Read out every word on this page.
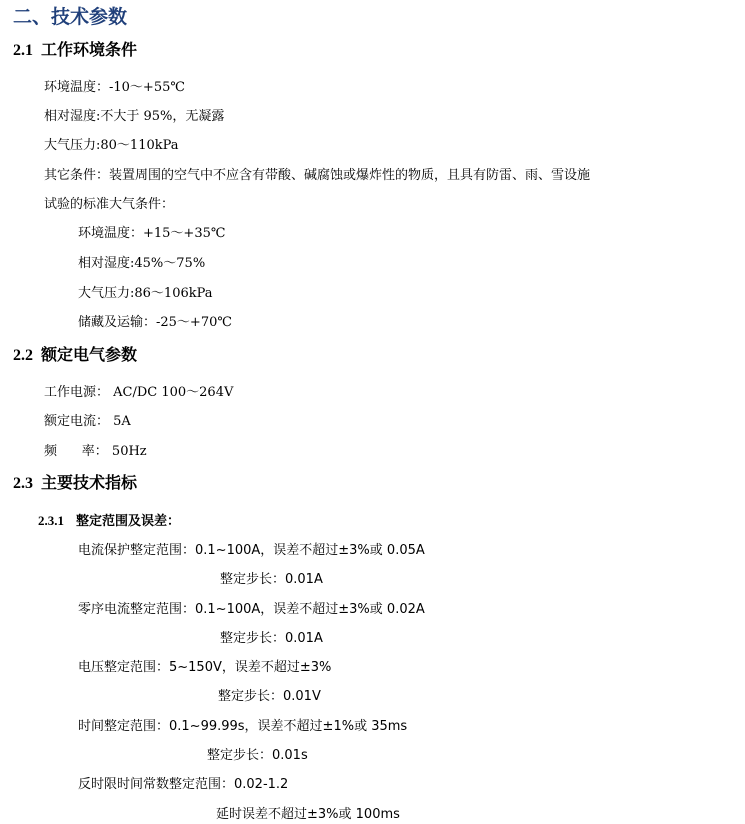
二、技术参数
2.1 工作环境条件
环境温度：-10～+55℃
相对湿度:不大于 95%，无凝露
大气压力:80～110kPa
其它条件：装置周围的空气中不应含有带酸、碱腐蚀或爆炸性的物质，且具有防雷、雨、雪设施
试验的标准大气条件：
环境温度：+15～+35℃
相对湿度:45%～75%
大气压力:86～106kPa
储藏及运输：-25～+70℃
2.2 额定电气参数
工作电源： AC/DC 100～264V
额定电流： 5A
频      率： 50Hz
2.3 主要技术指标
2.3.1 整定范围及误差：
电流保护整定范围：0.1~100A，误差不超过±3%或 0.05A
整定步长：0.01A
零序电流整定范围：0.1~100A，误差不超过±3%或 0.02A
整定步长：0.01A
电压整定范围：5~150V，误差不超过±3%
整定步长：0.01V
时间整定范围：0.1~99.99s，误差不超过±1%或 35ms
整定步长：0.01s
反时限时间常数整定范围：0.02-1.2
延时误差不超过±3%或 100ms
